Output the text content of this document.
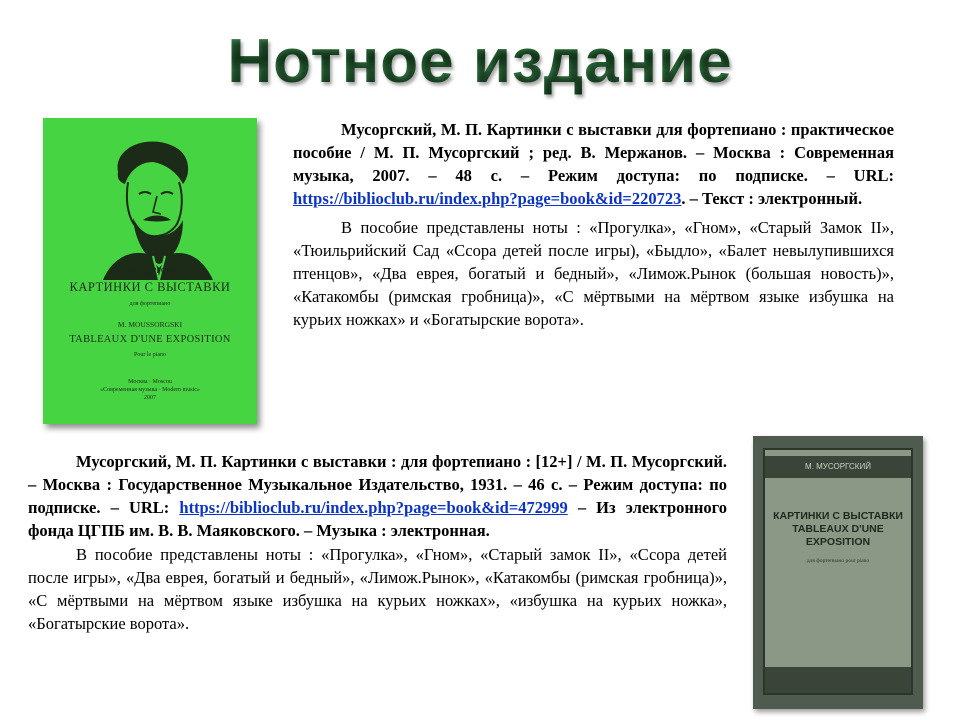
Нотное издание
М. МУСОРГСКИЙ
КАРТИНКИ С ВЫСТАВКИ
для фортепиано
M. MOUSSORGSKI
TABLEAUX D'UNE EXPOSITION
Pour le piano
Москва · Moscou
«Современная музыка · Modern music»
2007

Мусоргский, М. П. Картинки с выставки для фортепиано : практическое пособие / М. П. Мусоргский ; ред. В. Мержанов. – Москва : Современная музыка, 2007. – 48 с. – Режим доступа: по подписке. – URL: https://biblioclub.ru/index.php?page=book&id=220723. – Текст : электронный.

В пособие представлены ноты : «Прогулка», «Гном», «Старый Замок II», «Тюильрийский Сад «Ссора детей после игры), «Быдло», «Балет невылупившихся птенцов», «Два еврея, богатый и бедный», «Лимож.Рынок (большая новость)», «Катакомбы (римская гробница)», «С мёртвыми на мёртвом языке избушка на курьих ножках» и «Богатырские ворота».

Мусоргский, М. П. Картинки с выставки : для фортепиано : [12+] / М. П. Мусоргский. – Москва : Государственное Музыкальное Издательство, 1931. – 46 с. – Режим доступа: по подписке. – URL: https://biblioclub.ru/index.php?page=book&id=472999 – Из электронного фонда ЦГПБ им. В. В. Маяковского. – Музыка : электронная.

В пособие представлены ноты : «Прогулка», «Гном», «Старый замок II», «Ссора детей после игры», «Два еврея, богатый и бедный», «Лимож.Рынок», «Катакомбы (римская гробница)», «С мёртвыми на мёртвом языке избушка на курьих ножках», «избушка на курьих ножка», «Богатырские ворота».

М. МУСОРГСКИЙ
КАРТИНКИ С ВЫСТАВКИ
TABLEAUX D'UNE EXPOSITION
для фортепиано pour piano
